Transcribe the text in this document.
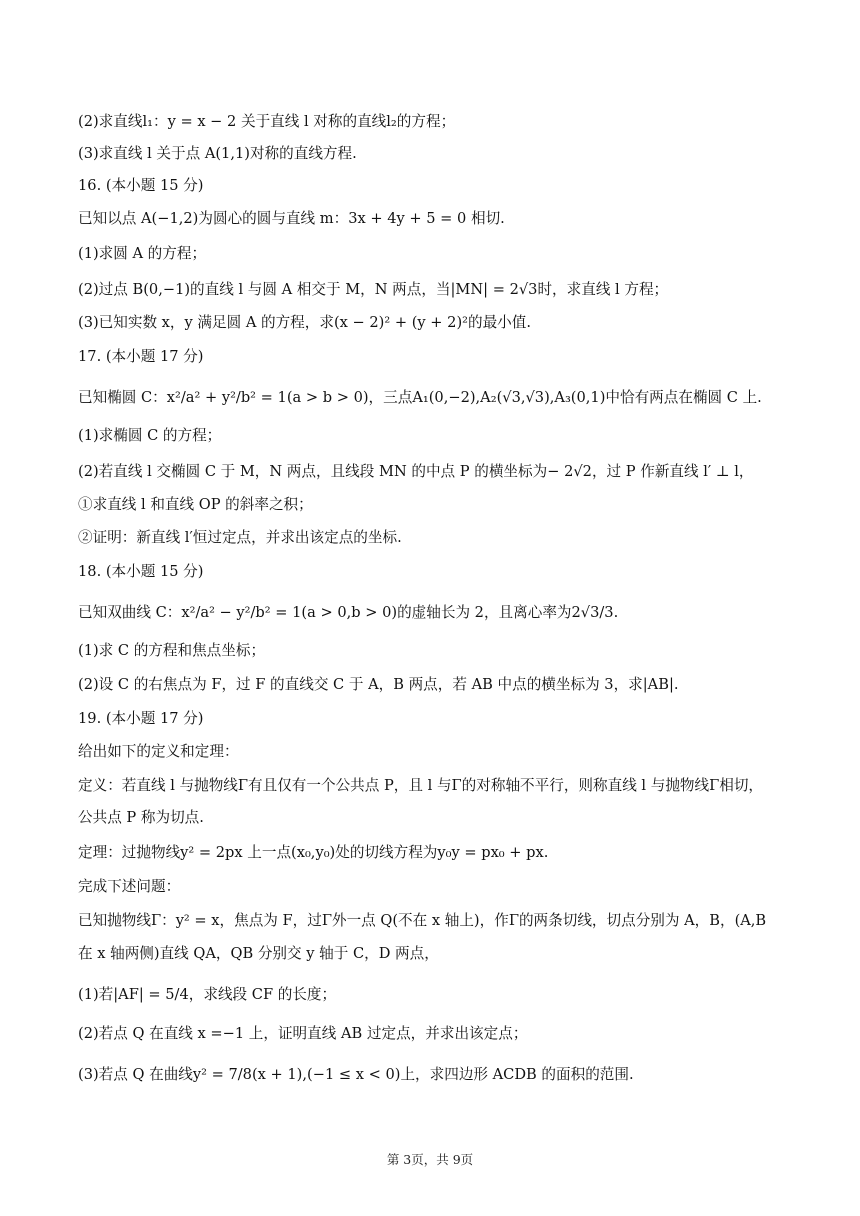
(2)求直线l₁：y = x − 2 关于直线 l 对称的直线l₂的方程；
(3)求直线 l 关于点 A(1,1)对称的直线方程.
16. (本小题 15 分)
已知以点 A(−1,2)为圆心的圆与直线 m：3x + 4y + 5 = 0 相切.
(1)求圆 A 的方程；
(2)过点 B(0,−1)的直线 l 与圆 A 相交于 M，N 两点，当|MN| = 2√3时，求直线 l 方程；
(3)已知实数 x，y 满足圆 A 的方程，求(x − 2)² + (y + 2)²的最小值.
17. (本小题 17 分)
已知椭圆 C：x²/a² + y²/b² = 1(a > b > 0)，三点A₁(0,−2),A₂(√3,√3),A₃(0,1)中恰有两点在椭圆 C 上.
(1)求椭圆 C 的方程；
(2)若直线 l 交椭圆 C 于 M，N 两点，且线段 MN 的中点 P 的横坐标为− 2√2，过 P 作新直线 l′ ⊥ l，
①求直线 l 和直线 OP 的斜率之积；
②证明：新直线 l′恒过定点，并求出该定点的坐标.
18. (本小题 15 分)
已知双曲线 C：x²/a² − y²/b² = 1(a > 0,b > 0)的虚轴长为 2，且离心率为2√3/3.
(1)求 C 的方程和焦点坐标；
(2)设 C 的右焦点为 F，过 F 的直线交 C 于 A，B 两点，若 AB 中点的横坐标为 3，求|AB|.
19. (本小题 17 分)
给出如下的定义和定理：
定义：若直线 l 与抛物线Γ有且仅有一个公共点 P，且 l 与Γ的对称轴不平行，则称直线 l 与抛物线Γ相切，
公共点 P 称为切点.
定理：过抛物线y² = 2px 上一点(x₀,y₀)处的切线方程为y₀y = px₀ + px.
完成下述问题：
已知抛物线Γ：y² = x，焦点为 F，过Γ外一点 Q(不在 x 轴上)，作Γ的两条切线，切点分别为 A，B，(A,B
在 x 轴两侧)直线 QA，QB 分别交 y 轴于 C，D 两点，
(1)若|AF| = 5/4，求线段 CF 的长度；
(2)若点 Q 在直线 x =−1 上，证明直线 AB 过定点，并求出该定点；
(3)若点 Q 在曲线y² = 7/8(x + 1),(−1 ≤ x < 0)上，求四边形 ACDB 的面积的范围.
第 3页，共 9页
